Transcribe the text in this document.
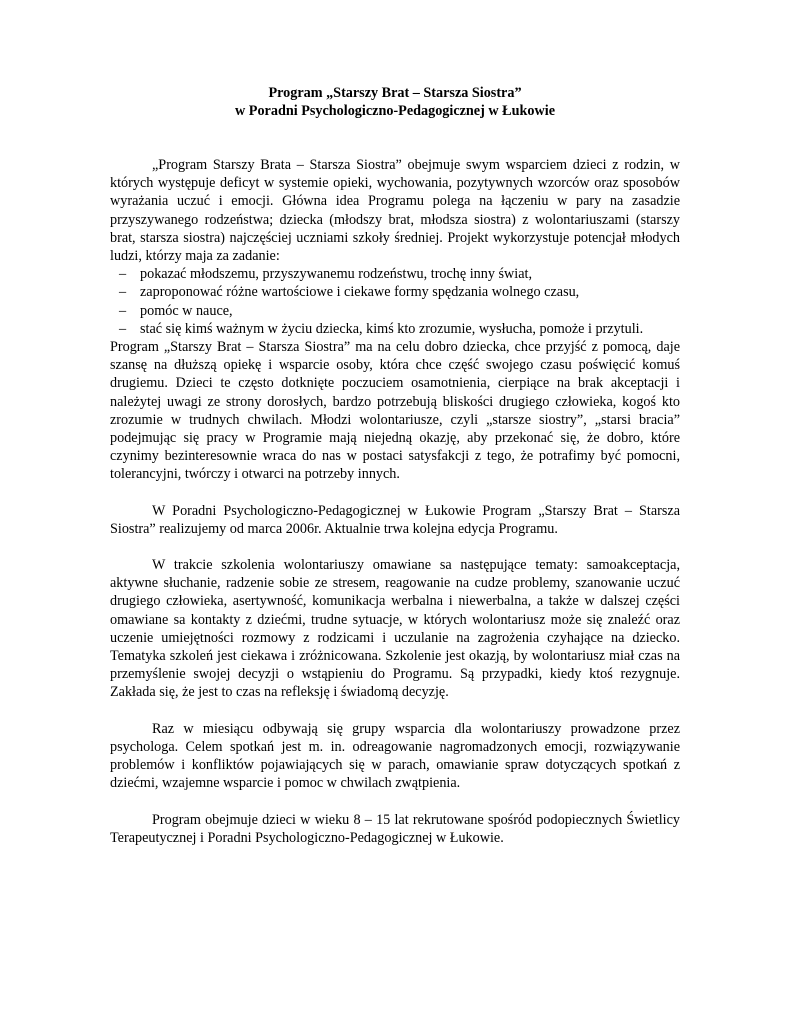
Program „Starszy Brat – Starsza Siostra”
w Poradni Psychologiczno-Pedagogicznej w Łukowie

„Program Starszy Brata – Starsza Siostra” obejmuje swym wsparciem dzieci z rodzin, w których występuje deficyt w systemie opieki, wychowania, pozytywnych wzorców oraz sposobów wyrażania uczuć i emocji. Główna idea Programu polega na łączeniu w pary na zasadzie przyszywanego rodzeństwa; dziecka (młodszy brat, młodsza siostra) z wolontariuszami (starszy brat, starsza siostra) najczęściej uczniami szkoły średniej. Projekt wykorzystuje potencjał młodych ludzi, którzy maja za zadanie:

– pokazać młodszemu, przyszywanemu rodzeństwu, trochę inny świat,
– zaproponować różne wartościowe i ciekawe formy spędzania wolnego czasu,
– pomóc w nauce,
– stać się kimś ważnym w życiu dziecka, kimś kto zrozumie, wysłucha, pomoże i przytuli.

Program „Starszy Brat – Starsza Siostra” ma na celu dobro dziecka, chce przyjść z pomocą, daje szansę na dłuższą opiekę i wsparcie osoby, która chce część swojego czasu poświęcić komuś drugiemu. Dzieci te często dotknięte poczuciem osamotnienia, cierpiące na brak akceptacji i należytej uwagi ze strony dorosłych, bardzo potrzebują bliskości drugiego człowieka, kogoś kto zrozumie w trudnych chwilach. Młodzi wolontariusze, czyli „starsze siostry”, „starsi bracia” podejmując się pracy w Programie mają niejedną okazję, aby przekonać się, że dobro, które czynimy bezinteresownie wraca do nas w postaci satysfakcji z tego, że potrafimy być pomocni, tolerancyjni, twórczy i otwarci na potrzeby innych.

W Poradni Psychologiczno-Pedagogicznej w Łukowie Program „Starszy Brat – Starsza Siostra” realizujemy od marca 2006r. Aktualnie trwa kolejna edycja Programu.

W trakcie szkolenia wolontariuszy omawiane sa następujące tematy: samoakceptacja, aktywne słuchanie, radzenie sobie ze stresem, reagowanie na cudze problemy, szanowanie uczuć drugiego człowieka, asertywność, komunikacja werbalna i niewerbalna, a także w dalszej części omawiane sa kontakty z dziećmi, trudne sytuacje, w których wolontariusz może się znaleźć oraz uczenie umiejętności rozmowy z rodzicami i uczulanie na zagrożenia czyhające na dziecko. Tematyka szkoleń jest ciekawa i zróżnicowana. Szkolenie jest okazją, by wolontariusz miał czas na przemyślenie swojej decyzji o wstąpieniu do Programu. Są przypadki, kiedy ktoś rezygnuje. Zakłada się, że jest to czas na refleksję i świadomą decyzję.

Raz w miesiącu odbywają się grupy wsparcia dla wolontariuszy prowadzone przez psychologa. Celem spotkań jest m. in. odreagowanie nagromadzonych emocji, rozwiązywanie problemów i konfliktów pojawiających się w parach, omawianie spraw dotyczących spotkań z dziećmi, wzajemne wsparcie i pomoc w chwilach zwątpienia.

Program obejmuje dzieci w wieku 8 – 15 lat rekrutowane spośród podopiecznych Świetlicy Terapeutycznej i Poradni Psychologiczno-Pedagogicznej w Łukowie.
